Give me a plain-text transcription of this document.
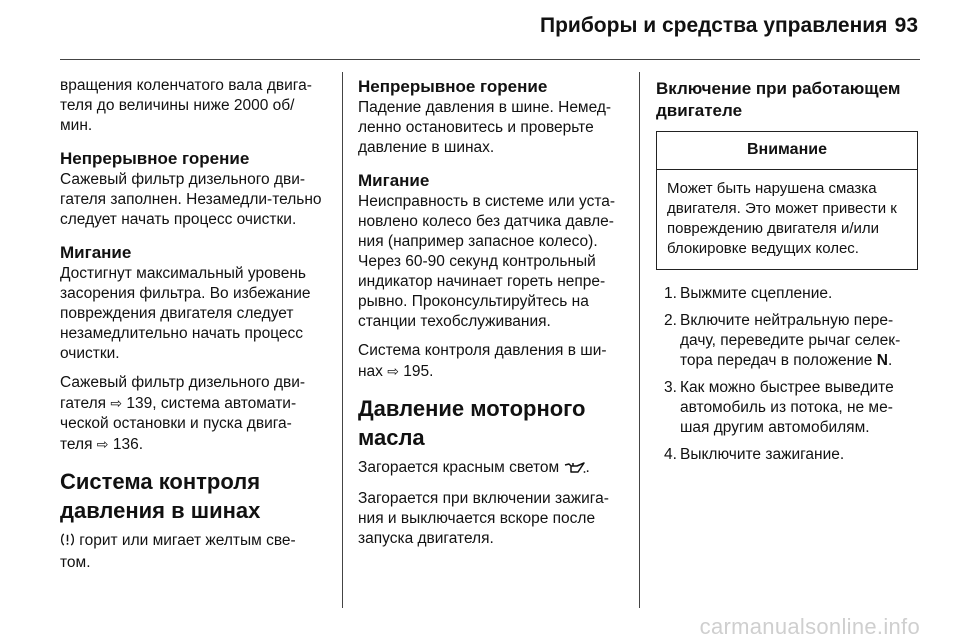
Приборы и средства управления 93

вращения коленчатого вала двига-теля до величины ниже 2000 об/мин.

Непрерывное горение

Сажевый фильтр дизельного дви-гателя заполнен. Незамедли-тельно следует начать процесс очистки.

Мигание

Достигнут максимальный уровень засорения фильтра. Во избежание повреждения двигателя следует незамедлительно начать процесс очистки.

Сажевый фильтр дизельного дви-гателя ⇨ 139, система автомати-ческой остановки и пуска двига-теля ⇨ 136.

Система контроля давления в шинах

горит или мигает желтым све-том.

Непрерывное горение

Падение давления в шине. Немед-ленно остановитесь и проверьте давление в шинах.

Мигание

Неисправность в системе или уста-новлено колесо без датчика давле-ния (например запасное колесо). Через 60-90 секунд контрольный индикатор начинает гореть непре-рывно. Проконсультируйтесь на станции техобслуживания.

Система контроля давления в ши-нах ⇨ 195.

Давление моторного масла

Загорается красным светом .

Загорается при включении зажига-ния и выключается вскоре после запуска двигателя.

Включение при работающем двигателе
Внимание
Может быть нарушена смазка двигателя. Это может привести к повреждению двигателя и/или блокировке ведущих колес.
1. Выжмите сцепление.
2. Включите нейтральную пере-дачу, переведите рычаг селек-тора передач в положение N.
3. Как можно быстрее выведите автомобиль из потока, не ме-шая другим автомобилям.
4. Выключите зажигание.
carmanualsonline.info
